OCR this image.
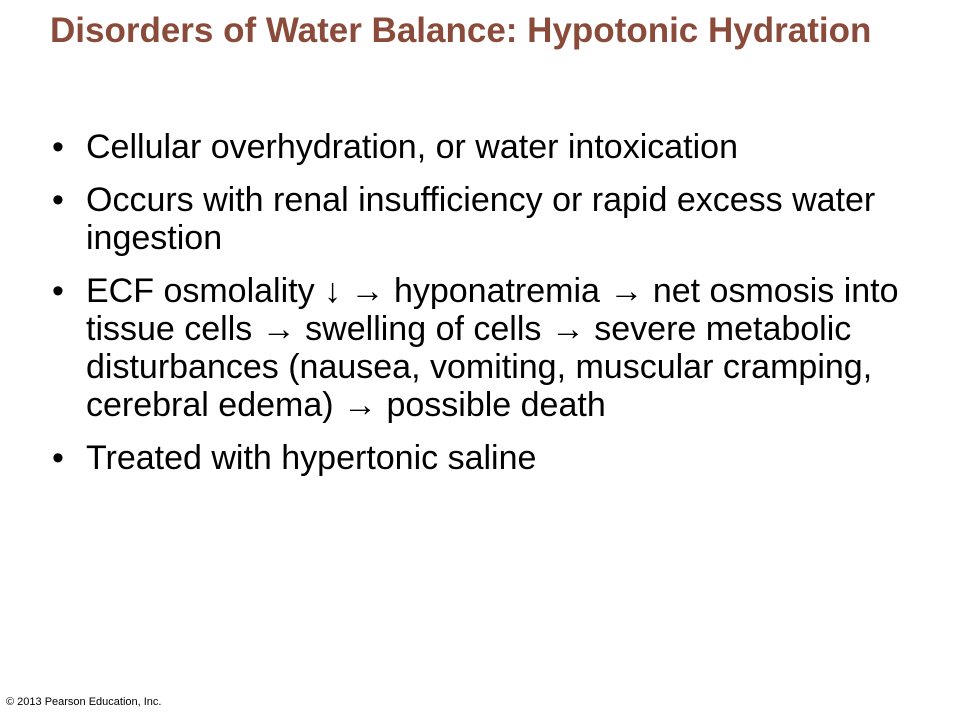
Disorders of Water Balance: Hypotonic Hydration
• Cellular overhydration, or water intoxication
• Occurs with renal insufficiency or rapid excess water ingestion
• ECF osmolality ↓ → hyponatremia → net osmosis into tissue cells → swelling of cells → severe metabolic disturbances (nausea, vomiting, muscular cramping, cerebral edema) → possible death
• Treated with hypertonic saline
© 2013 Pearson Education, Inc.
